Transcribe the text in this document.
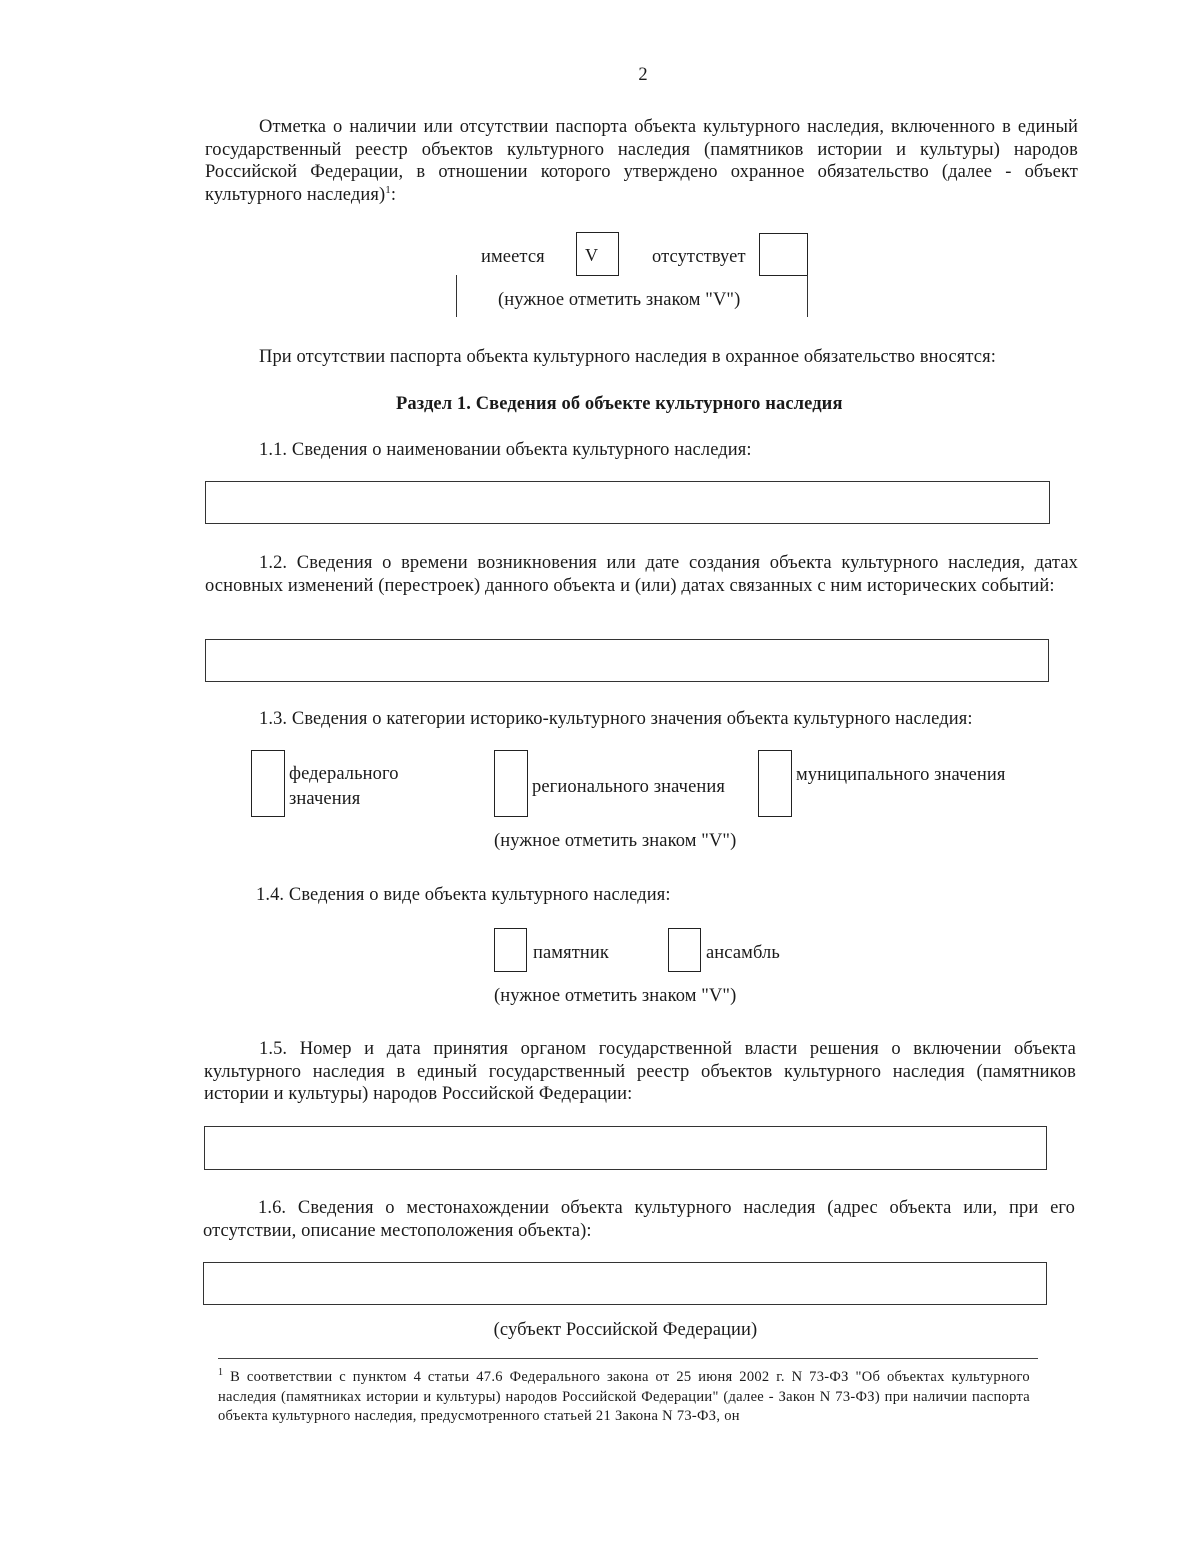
2
Отметка о наличии или отсутствии паспорта объекта культурного наследия, включенного в единый государственный реестр объектов культурного наследия (памятников истории и культуры) народов Российской Федерации, в отношении которого утверждено охранное обязательство (далее - объект культурного наследия)$^1$:
имеется	V	отсутствует
(нужное отметить знаком "V")
При отсутствии паспорта объекта культурного наследия в охранное обязательство вносятся:
Раздел 1. Сведения об объекте культурного наследия
1.1. Сведения о наименовании объекта культурного наследия:
1.2. Сведения о времени возникновения или дате создания объекта культурного наследия, датах основных изменений (перестроек) данного объекта и (или) датах связанных с ним исторических событий:
1.3. Сведения о категории историко-культурного значения объекта культурного наследия:
федерального
значения
регионального значения
муниципального значения
(нужное отметить знаком "V")
1.4. Сведения о виде объекта культурного наследия:
памятник	ансамбль
(нужное отметить знаком "V")
1.5. Номер и дата принятия органом государственной власти решения о включении объекта культурного наследия в единый государственный реестр объектов культурного наследия (памятников истории и культуры) народов Российской Федерации:
1.6. Сведения о местонахождении объекта культурного наследия (адрес объекта или, при его отсутствии, описание местоположения объекта):
(субъект Российской Федерации)
$^1$ В соответствии с пунктом 4 статьи 47.6 Федерального закона от 25 июня 2002 г. N 73-ФЗ "Об объектах культурного наследия (памятниках истории и культуры) народов Российской Федерации" (далее - Закон N 73-ФЗ) при наличии паспорта объекта культурного наследия, предусмотренного статьей 21 Закона N 73-ФЗ, он
